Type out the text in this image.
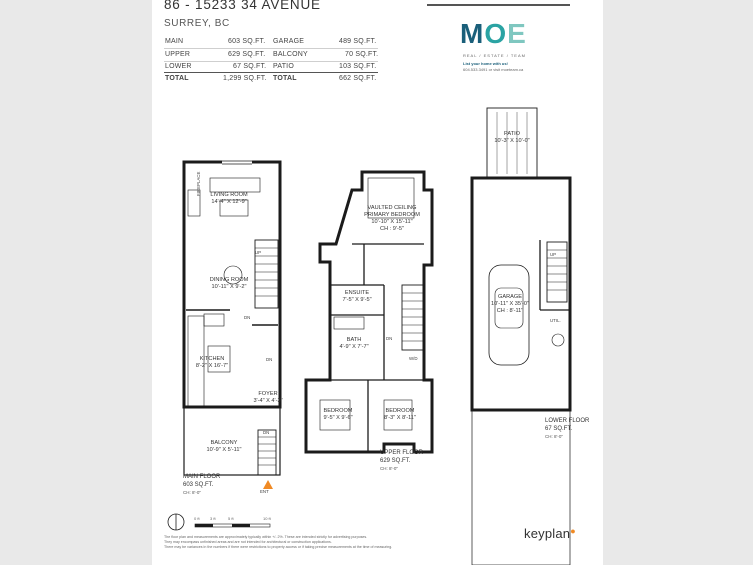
86 - 15233 34 AVENUE
SURREY, BC
MAIN	603 SQ.FT. GARAGE	489 SQ.FT.
UPPER	629 SQ.FT. BALCONY	70 SQ.FT.
LOWER	67 SQ.FT. PATIO	103 SQ.FT.
TOTAL	1,299 SQ.FT. TOTAL	662 SQ.FT.
MOE
REAL / ESTATE / TEAM
List your home with us!
604.533.3491 or visit moeteam.ca
LIVING ROOM
14'-4" X 12'-9"
FIREPLACE
DINING ROOM
10'-11" X 9'-2"
KITCHEN
8'-2" X 16'-7"
FOYER
3'-4" X 4'-3"
BALCONY
10'-9" X 5'-11"
UP
DN
DN
DN
ENT
MAIN FLOOR
603 SQ.FT.
CH: 8'-0"
VAULTED CEILING
PRIMARY BEDROOM
10'-10" X 15'-11"
CH : 9'-5"
ENSUITE
7'-5" X 9'-5"
BATH
4'-9" X 7'-7"
DN
W/D
BEDROOM
9'-5" X 9'-6"
BEDROOM
8'-3" X 8'-11"
UPPER FLOOR
629 SQ.FT.
CH: 8'-0"
PATIO
10'-3" X 10'-0"
GARAGE
10'-11" X 35'-0"
CH : 8'-11"
UTIL.
UP
LOWER FLOOR
67 SQ.FT.
CH: 8'-0"
0 ft	3 ft	5 ft	10 ft
The floor plan and measurements are approximately typically within +/- 2%. These are intended strictly for advertising purposes.
They may encompass unfinished areas and are not intended for architectural or construction applications.
There may be variances in the numbers if there were restrictions to property access or if taking precise measurements at the time of measuring.
keyplan●
